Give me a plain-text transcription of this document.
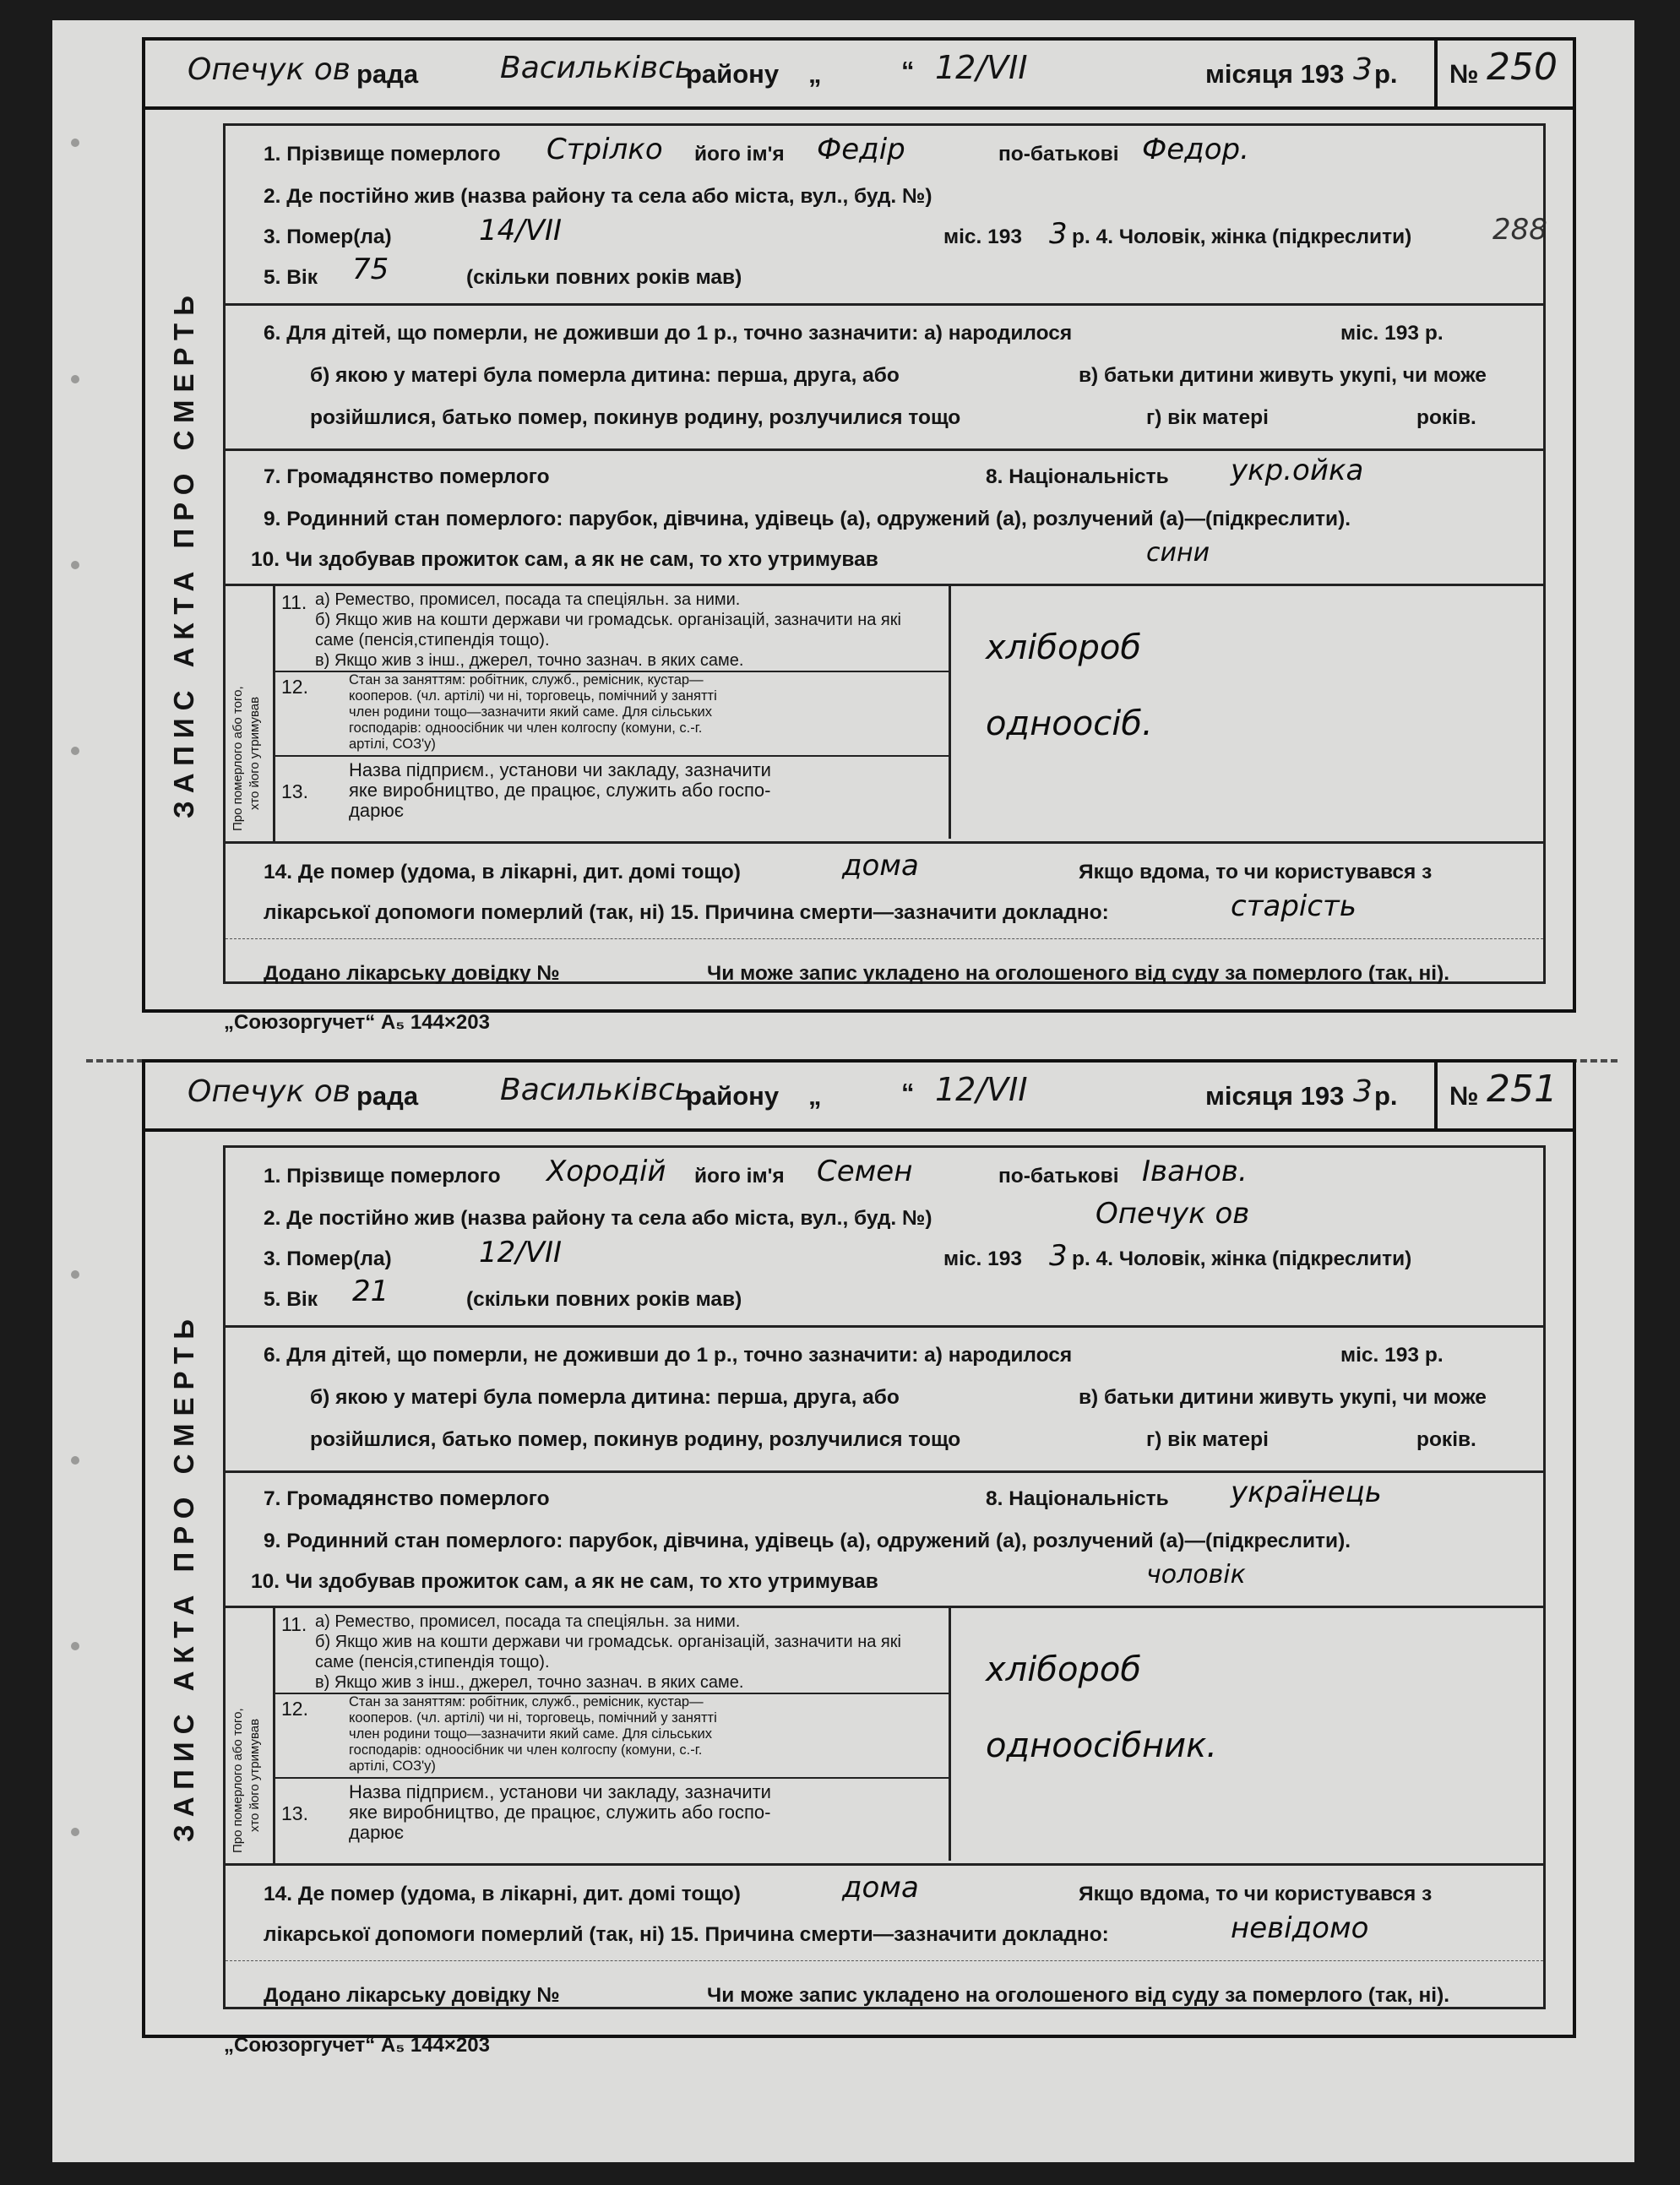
288
Опечук ов рада	Васильківсь
району „	“ 12/VII	місяця 193 3 р. № 250
ЗАПИС АКТА ПРО СМЕРТЬ
1. Прізвище померлого Стрілко його ім'я Федір	по-батькові Федор.
2. Де постійно жив (назва району та села або міста, вул., буд. №)
3. Помер(ла)	14/VII	міс. 193 3 р. 4. Чоловік, жінка (підкреслити)
5. Вік 75	(скільки повних років мав)
6. Для дітей, що померли, не доживши до 1 р., точно зазначити: а) народилося	міс. 193 р.
б) якою у матері була померла дитина: перша, друга, або	в) батьки дитини живуть укупі, чи може
розійшлися, батько помер, покинув родину, розлучилися тощо	г) вік матері	років.
7. Громадянство померлого	8. Національність укр.ойка
9. Родинний стан померлого: парубок, дівчина, удівець (а), одружений (а), розлучений (а)—(підкреслити).
10. Чи здобував прожиток сам, а як не сам, то хто утримував	сини
Про померлого або того, хто його утримував
11. а) Ремество, промисел, посада та спеціяльн. за ними.
б) Якщо жив на кошти держави чи громадськ. організацій, зазначити на які саме (пенсія,стипендія тощо).
в) Якщо жив з інш., джерел, точно зазнач. в яких саме.
12.	Стан за заняттям: робітник, служб., ремісник, кустар—
кооперов. (чл. артілі) чи ні, торговець, помічний у занятті
член родини тощо—зазначити який саме. Для сільських
господарів: одноосібник чи член колгоспу (комуни, с.-г.
артілі, СОЗ'у)
13.
Назва підприєм., установи чи закладу, зазначити
яке виробництво, де працює, служить або госпо-
дарює
хлібороб
одноосіб.
14. Де помер (удома, в лікарні, дит. домі тощо)	дома	Якщо вдома, то чи користувався з
лікарської допомоги померлий (так, ні) 15. Причина смерти—зазначити докладно:	старість
Додано лікарську довідку №	Чи може запис укладено на оголошеного від суду за померлого (так, ні).
Опечук ов рада	Васильківсь
району „	“ 12/VII	місяця 193 3 р. № 251
ЗАПИС АКТА ПРО СМЕРТЬ
1. Прізвище померлого Хородій його ім'я Семен	по-батькові Іванов.
2. Де постійно жив (назва району та села або міста, вул., буд. №)	Опечук ов
3. Помер(ла)	12/VII	міс. 193 3 р. 4. Чоловік, жінка (підкреслити)
5. Вік 21	(скільки повних років мав)
6. Для дітей, що померли, не доживши до 1 р., точно зазначити: а) народилося	міс. 193 р.
б) якою у матері була померла дитина: перша, друга, або	в) батьки дитини живуть укупі, чи може
розійшлися, батько помер, покинув родину, розлучилися тощо	г) вік матері	років.
7. Громадянство померлого	8. Національність українець
9. Родинний стан померлого: парубок, дівчина, удівець (а), одружений (а), розлучений (а)—(підкреслити).
10. Чи здобував прожиток сам, а як не сам, то хто утримував	чоловік
Про померлого або того, хто його утримував
11. а) Ремество, промисел, посада та спеціяльн. за ними.
б) Якщо жив на кошти держави чи громадськ. організацій, зазначити на які саме (пенсія,стипендія тощо).
в) Якщо жив з інш., джерел, точно зазнач. в яких саме.
12.	Стан за заняттям: робітник, служб., ремісник, кустар—
кооперов. (чл. артілі) чи ні, торговець, помічний у занятті
член родини тощо—зазначити який саме. Для сільських
господарів: одноосібник чи член колгоспу (комуни, с.-г.
артілі, СОЗ'у)
13.
Назва підприєм., установи чи закладу, зазначити
яке виробництво, де працює, служить або госпо-
дарює
хлібороб
одноосібник.
14. Де помер (удома, в лікарні, дит. домі тощо)	дома	Якщо вдома, то чи користувався з
лікарської допомоги померлий (так, ні) 15. Причина смерти—зазначити докладно:	невідомо
Додано лікарську довідку №	Чи може запис укладено на оголошеного від суду за померлого (так, ні).
„Союзоргучет“ А₅ 144×203
„Союзоргучет“ А₅ 144×203
